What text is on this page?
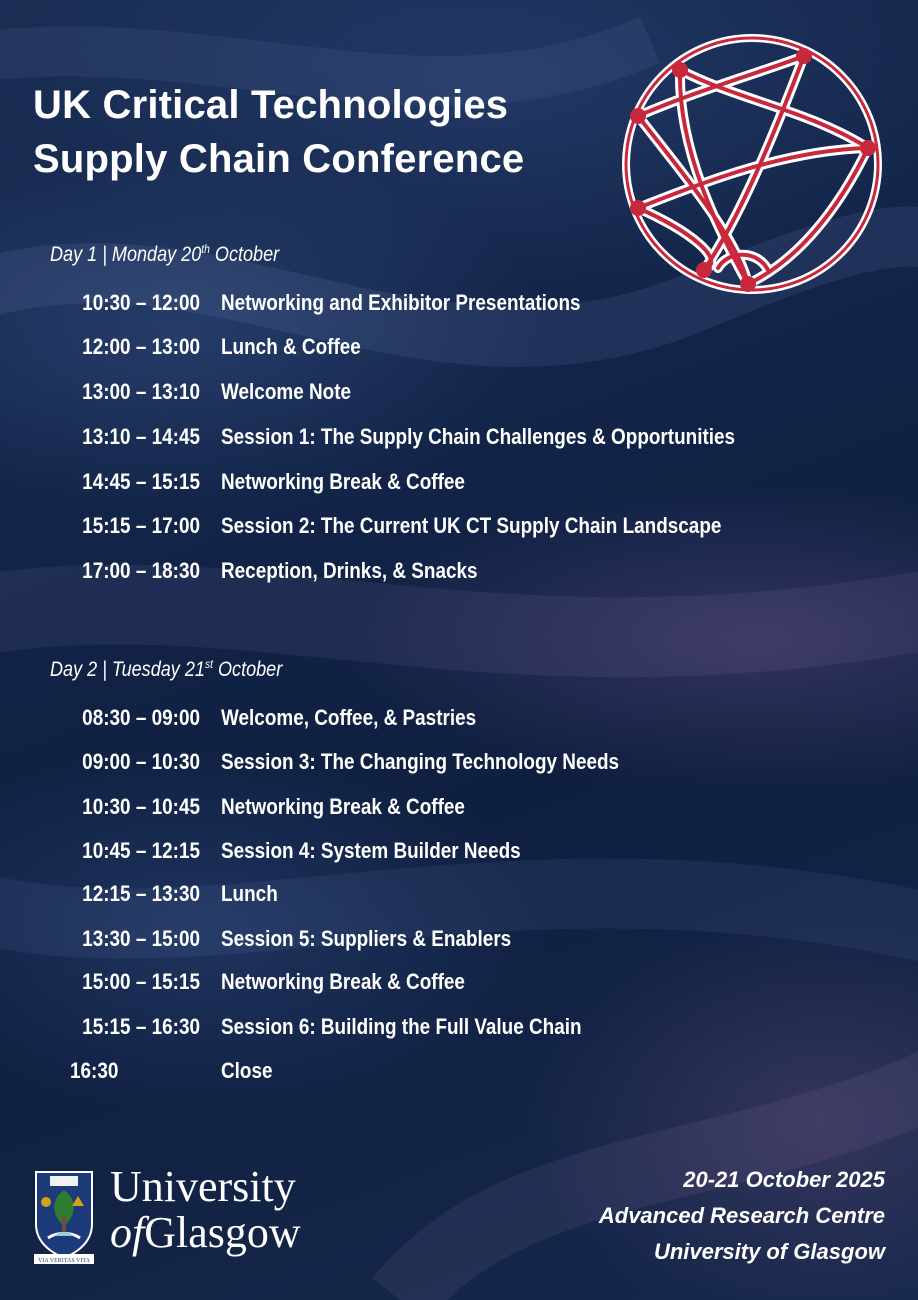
UK Critical Technologies
Supply Chain Conference
Day 1 | Monday 20th October
10:30 – 12:00 Networking and Exhibitor Presentations
12:00 – 13:00 Lunch & Coffee
13:00 – 13:10 Welcome Note
13:10 – 14:45 Session 1: The Supply Chain Challenges & Opportunities
14:45 – 15:15 Networking Break & Coffee
15:15 – 17:00 Session 2: The Current UK CT Supply Chain Landscape
17:00 – 18:30 Reception, Drinks, & Snacks
Day 2 | Tuesday 21st October
08:30 – 09:00 Welcome, Coffee, & Pastries
09:00 – 10:30 Session 3: The Changing Technology Needs
10:30 – 10:45 Networking Break & Coffee
10:45 – 12:15 Session 4: System Builder Needs
12:15 – 13:30 Lunch
13:30 – 15:00 Session 5: Suppliers & Enablers
15:00 – 15:15 Networking Break & Coffee
15:15 – 16:30 Session 6: Building the Full Value Chain
16:30	Close
VIA VERITAS VITA
University
ofGlasgow
20-21 October 2025
Advanced Research Centre
University of Glasgow
